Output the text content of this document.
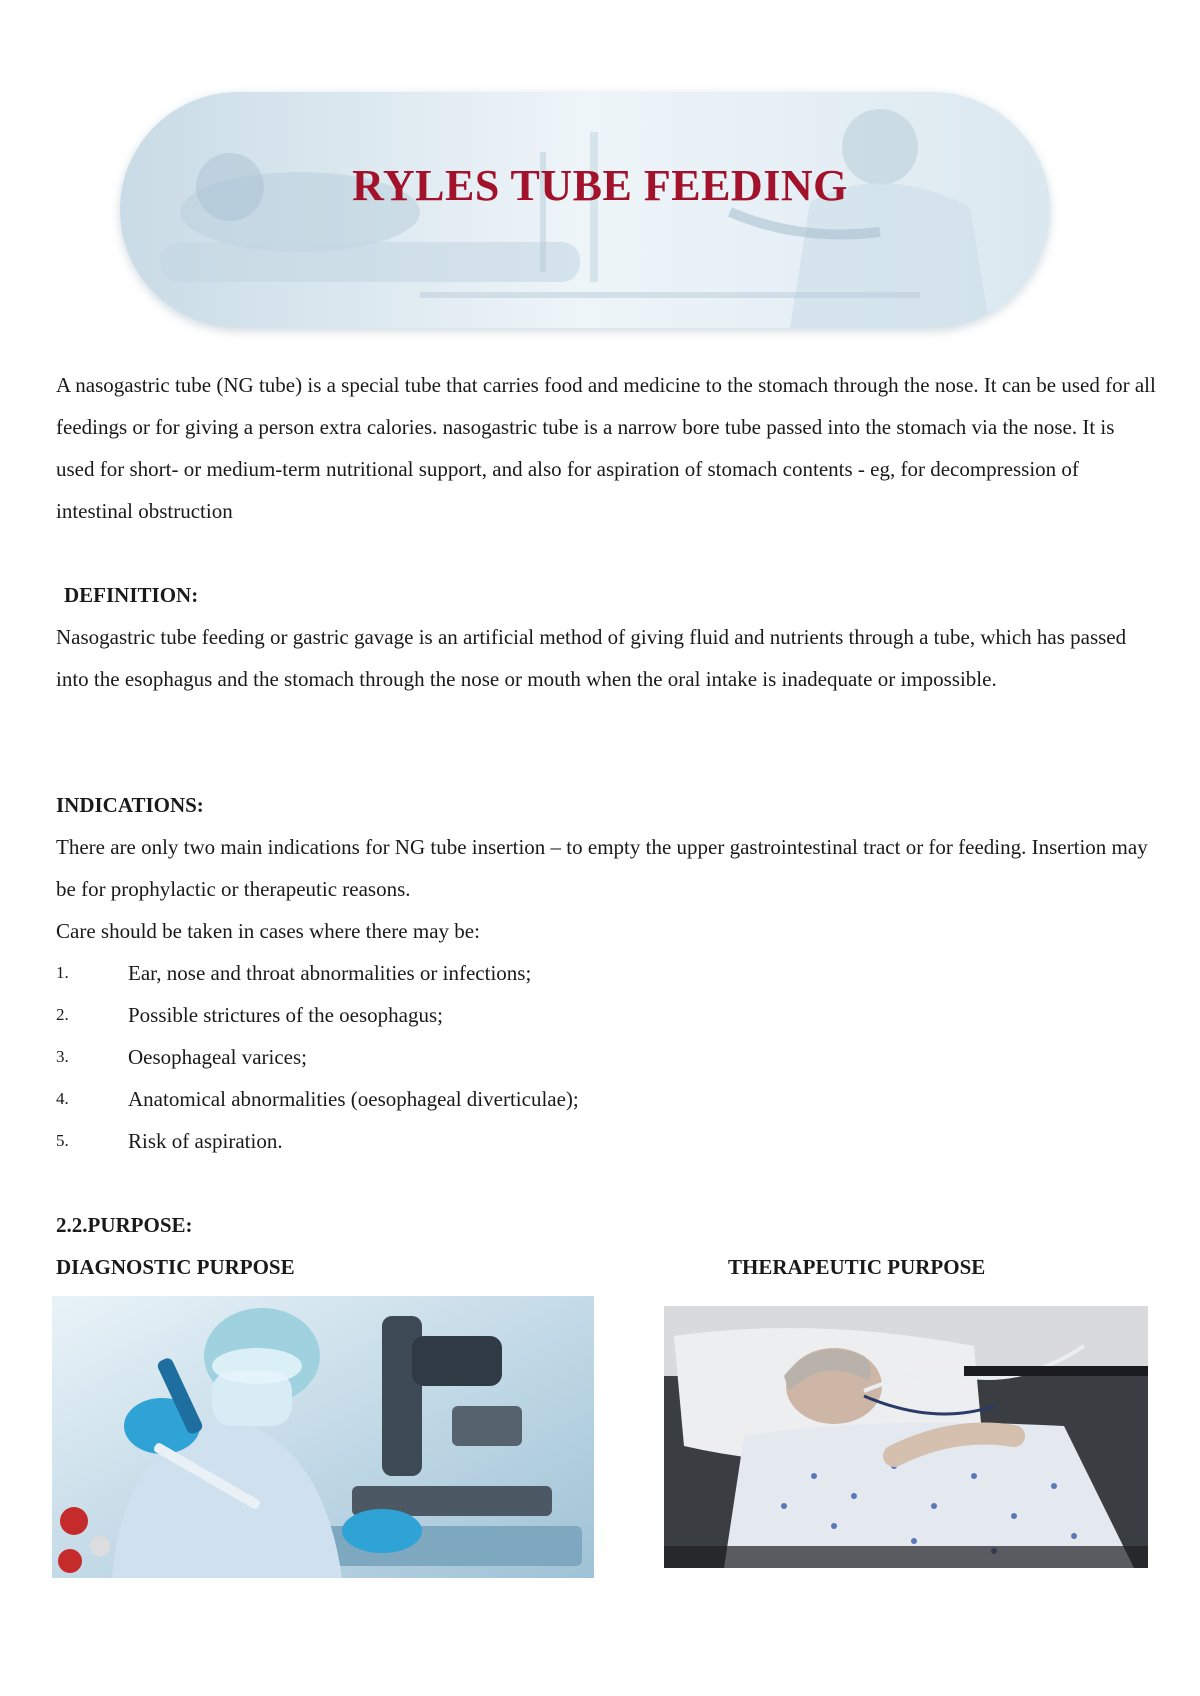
RYLES TUBE FEEDING

A nasogastric tube (NG tube) is a special tube that carries food and medicine to the stomach through the nose. It can be used for all feedings or for giving a person extra calories. nasogastric tube is a narrow bore tube passed into the stomach via the nose. It is used for short- or medium-term nutritional support, and also for aspiration of stomach contents - eg, for decompression of intestinal obstruction

DEFINITION:

Nasogastric tube feeding or gastric gavage is an artificial method of giving fluid and nutrients through a tube, which has passed into the esophagus and the stomach through the nose or mouth when the oral intake is inadequate or impossible.

INDICATIONS:

There are only two main indications for NG tube insertion – to empty the upper gastrointestinal tract or for feeding. Insertion may be for prophylactic or therapeutic reasons.

Care should be taken in cases where there may be:

1.	Ear, nose and throat abnormalities or infections;
2.	Possible strictures of the oesophagus;
3.	Oesophageal varices;
4.	Anatomical abnormalities (oesophageal diverticulae);
5.	Risk of aspiration.
2.2.PURPOSE:
DIAGNOSTIC PURPOSE	THERAPEUTIC PURPOSE
